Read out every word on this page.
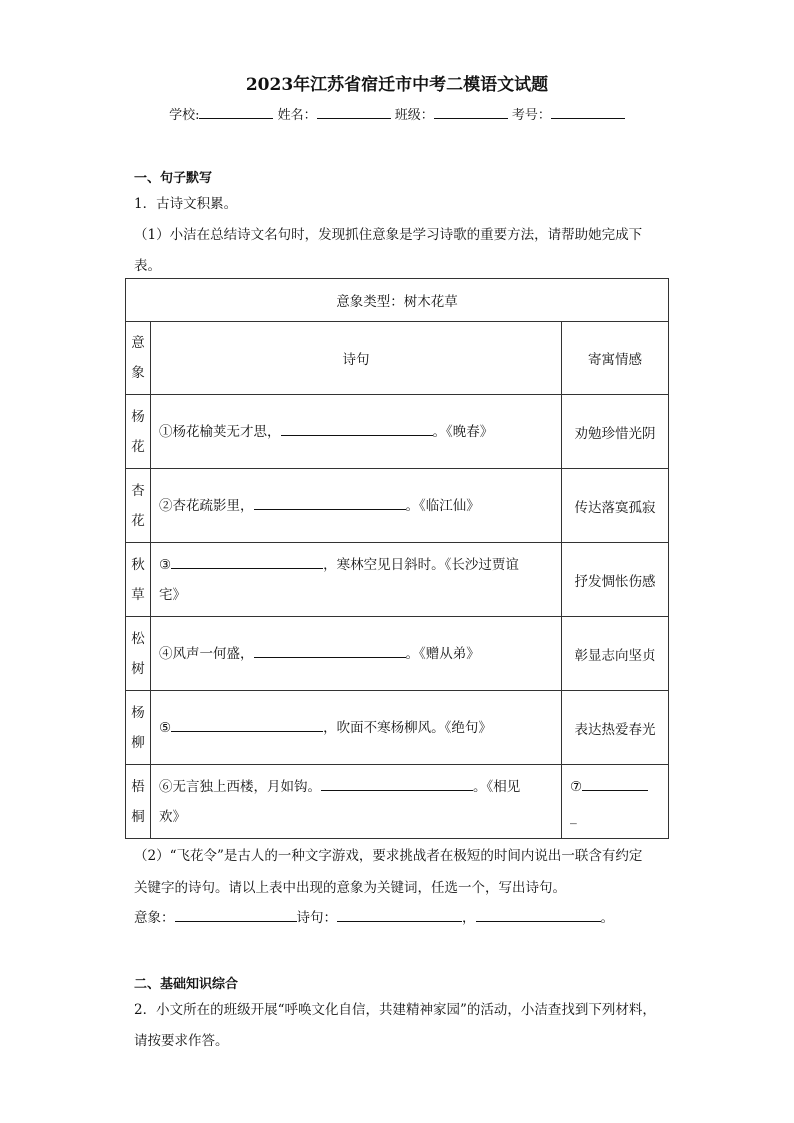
2023年江苏省宿迁市中考二模语文试题
学校:	姓名：	班级：	考号：
一、句子默写
1．古诗文积累。
（1）小洁在总结诗文名句时，发现抓住意象是学习诗歌的重要方法，请帮助她完成下
表。
意象类型：树木花草		
意
象	诗句	寄寓情感
杨
花	①杨花榆荚无才思， 。《晚春》	劝勉珍惜光阴
杏
花	②杏花疏影里， 。《临江仙》	传达落寞孤寂
秋
草	③ ，寒林空见日斜时。《长沙过贾谊
宅》	抒发惆怅伤感
松
树	④风声一何盛， 。《赠从弟》	彰显志向坚贞
杨
柳	⑤ ，吹面不寒杨柳风。《绝句》	表达热爱春光
梧
桐	⑥无言独上西楼，月如钩。 。《相见
欢》	⑦
_
（2）“飞花令”是古人的一种文字游戏，要求挑战者在极短的时间内说出一联含有约定
关键字的诗句。请以上表中出现的意象为关键词，任选一个，写出诗句。
意象：	诗句：	，	。
二、基础知识综合
2．小文所在的班级开展“呼唤文化自信，共建精神家园”的活动，小洁查找到下列材料，
请按要求作答。
